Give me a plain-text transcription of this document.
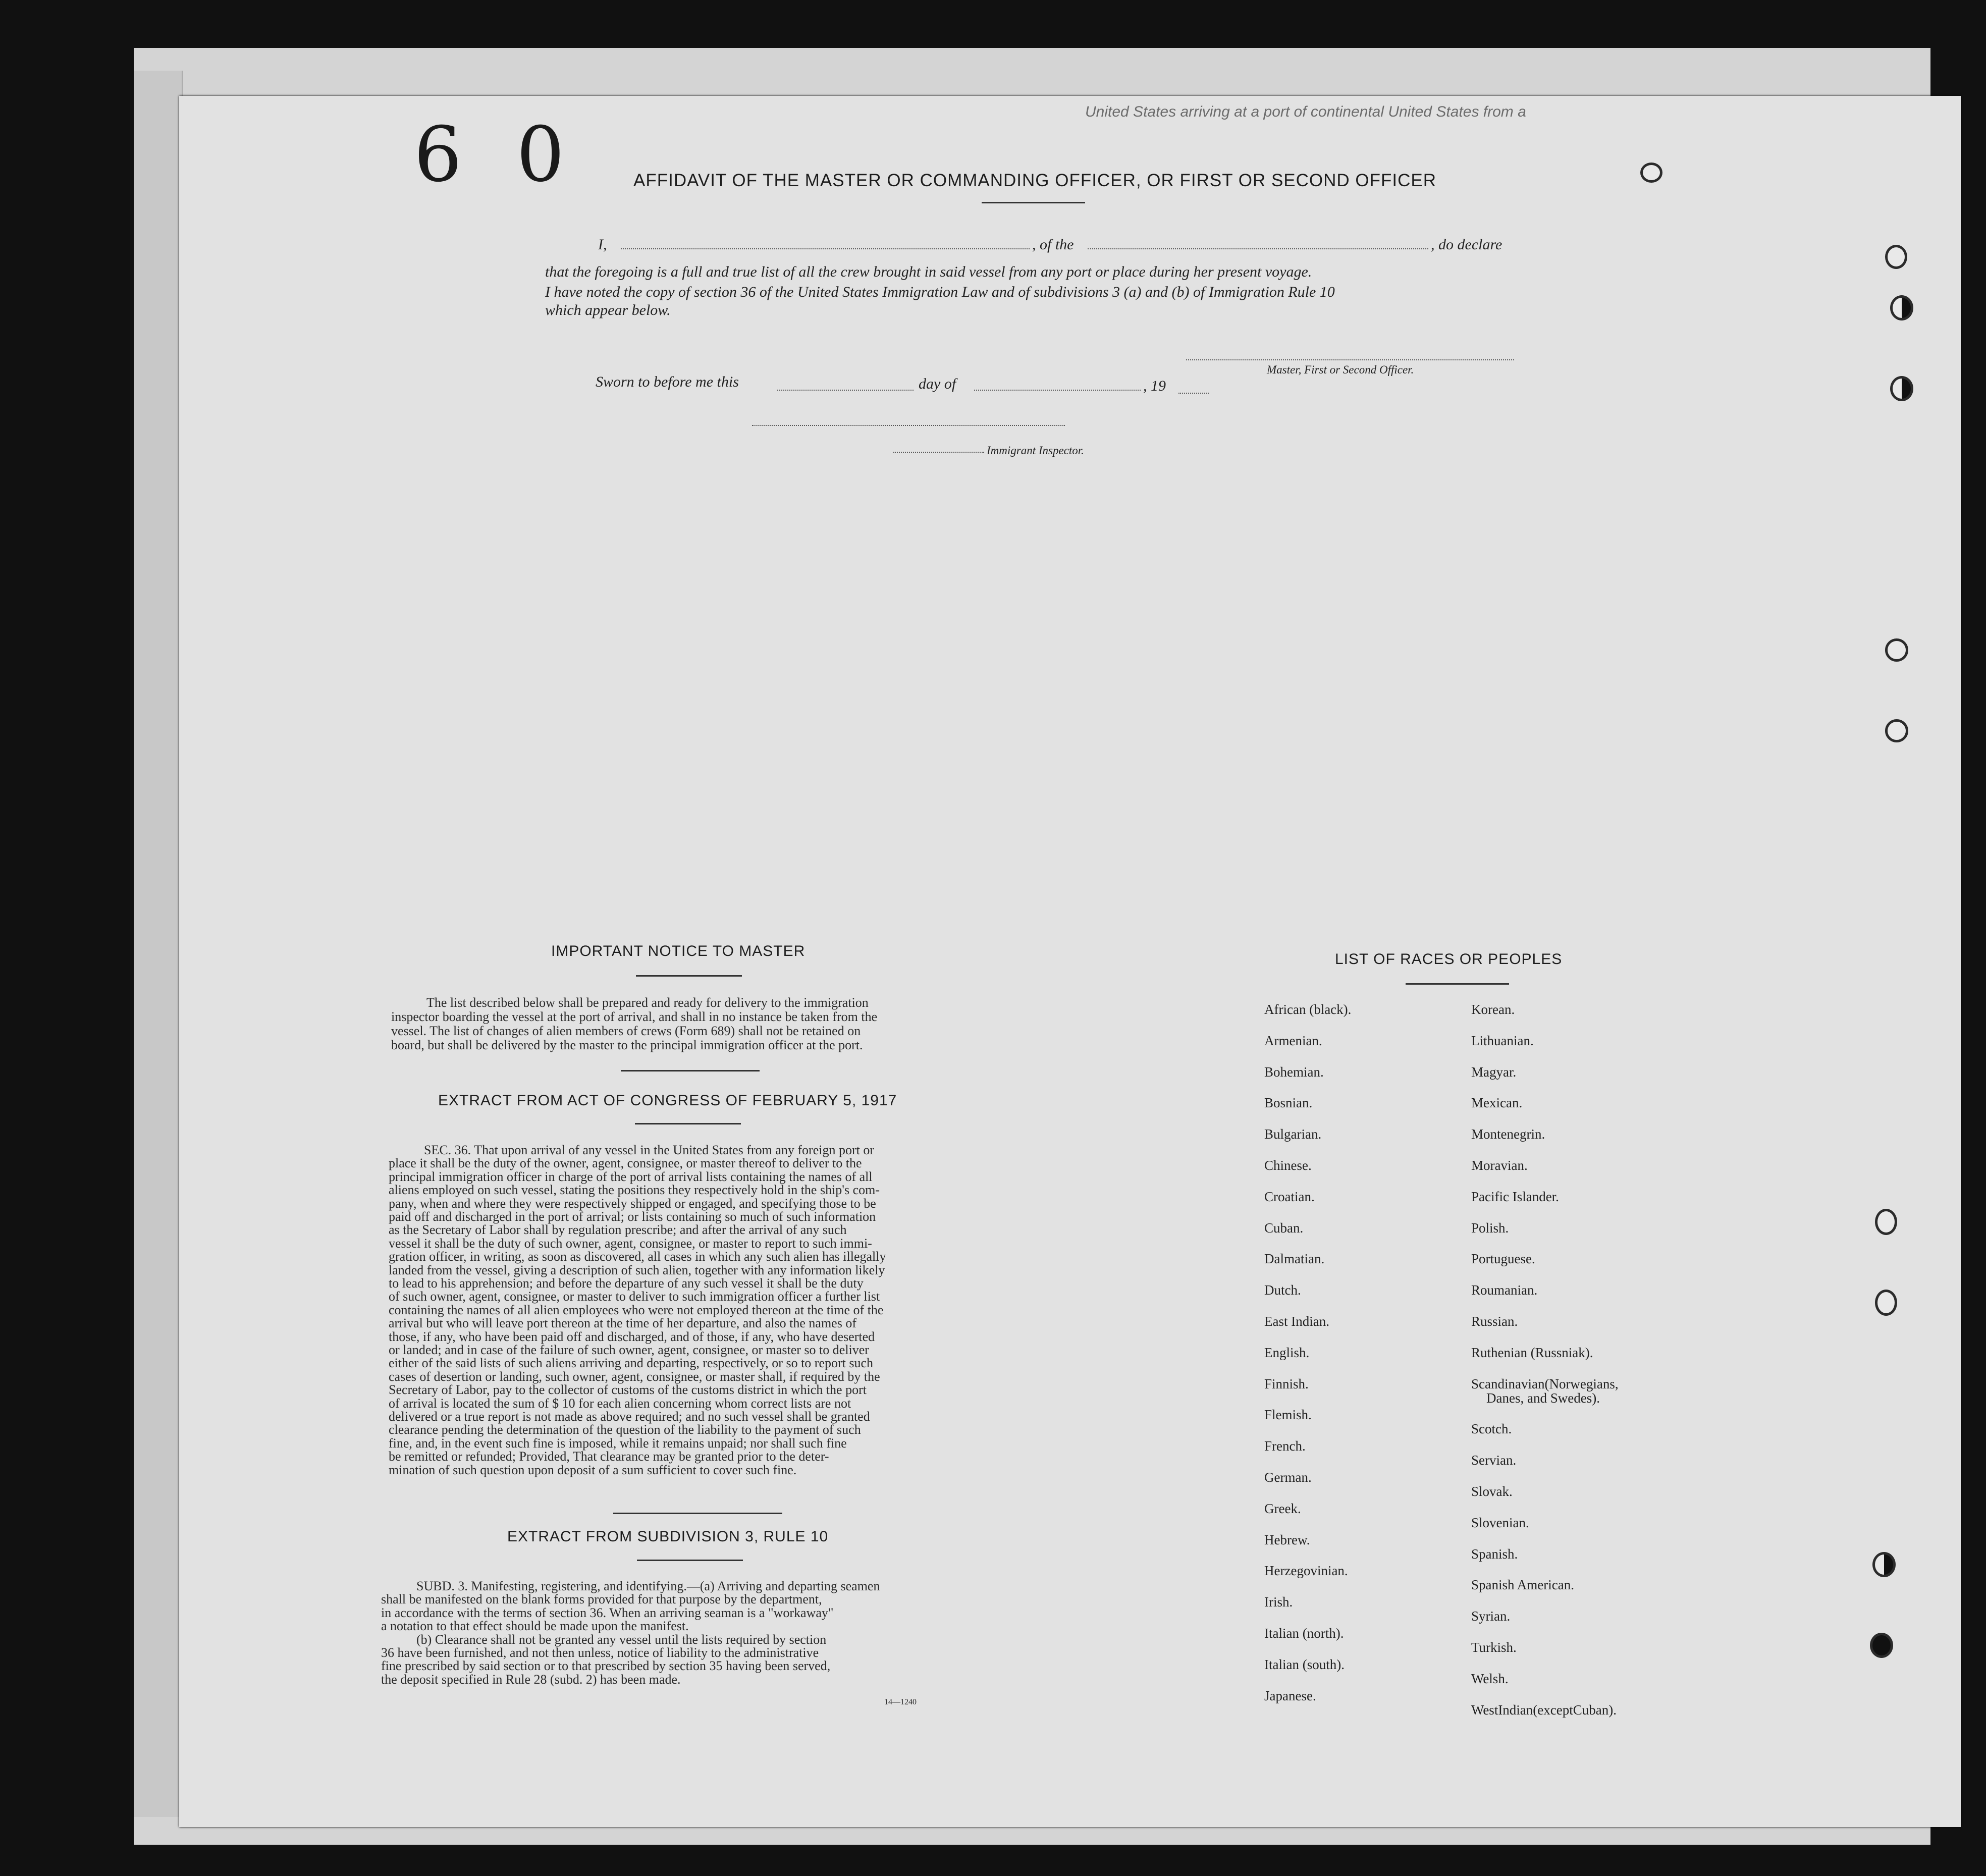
United States arriving at a port of continental United States from a
6 0	AFFIDAVIT OF THE MASTER OR COMMANDING OFFICER, OR FIRST OR SECOND OFFICER
I,	, of the	, do declare
that the foregoing is a full and true list of all the crew brought in said vessel from any port or place during her present voyage.
I have noted the copy of section 36 of the United States Immigration Law and of subdivisions 3 (a) and (b) of Immigration Rule 10
which appear below.
Master, First or Second Officer.
Sworn to before me this	day of	, 19
Immigrant Inspector.
IMPORTANT NOTICE TO MASTER
The list described below shall be prepared and ready for delivery to the immigration
inspector boarding the vessel at the port of arrival, and shall in no instance be taken from the
vessel. The list of changes of alien members of crews (Form 689) shall not be retained on
board, but shall be delivered by the master to the principal immigration officer at the port.
EXTRACT FROM ACT OF CONGRESS OF FEBRUARY 5, 1917
SEC. 36. That upon arrival of any vessel in the United States from any foreign port or
place it shall be the duty of the owner, agent, consignee, or master thereof to deliver to the
principal immigration officer in charge of the port of arrival lists containing the names of all
aliens employed on such vessel, stating the positions they respectively hold in the ship's com-
pany, when and where they were respectively shipped or engaged, and specifying those to be
paid off and discharged in the port of arrival; or lists containing so much of such information
as the Secretary of Labor shall by regulation prescribe; and after the arrival of any such
vessel it shall be the duty of such owner, agent, consignee, or master to report to such immi-
gration officer, in writing, as soon as discovered, all cases in which any such alien has illegally
landed from the vessel, giving a description of such alien, together with any information likely
to lead to his apprehension; and before the departure of any such vessel it shall be the duty
of such owner, agent, consignee, or master to deliver to such immigration officer a further list
containing the names of all alien employees who were not employed thereon at the time of the
arrival but who will leave port thereon at the time of her departure, and also the names of
those, if any, who have been paid off and discharged, and of those, if any, who have deserted
or landed; and in case of the failure of such owner, agent, consignee, or master so to deliver
either of the said lists of such aliens arriving and departing, respectively, or so to report such
cases of desertion or landing, such owner, agent, consignee, or master shall, if required by the
Secretary of Labor, pay to the collector of customs of the customs district in which the port
of arrival is located the sum of $ 10 for each alien concerning whom correct lists are not
delivered or a true report is not made as above required; and no such vessel shall be granted
clearance pending the determination of the question of the liability to the payment of such
fine, and, in the event such fine is imposed, while it remains unpaid; nor shall such fine
be remitted or refunded; Provided, That clearance may be granted prior to the deter-
mination of such question upon deposit of a sum sufficient to cover such fine.
EXTRACT FROM SUBDIVISION 3, RULE 10
SUBD. 3. Manifesting, registering, and identifying.—(a) Arriving and departing seamen
shall be manifested on the blank forms provided for that purpose by the department,
in accordance with the terms of section 36. When an arriving seaman is a "workaway"
a notation to that effect should be made upon the manifest.
(b) Clearance shall not be granted any vessel until the lists required by section
36 have been furnished, and not then unless, notice of liability to the administrative
fine prescribed by said section or to that prescribed by section 35 having been served,
the deposit specified in Rule 28 (subd. 2) has been made.
14—1240
LIST OF RACES OR PEOPLES
African (black).
Armenian.
Bohemian.
Bosnian.
Bulgarian.
Chinese.
Croatian.
Cuban.
Dalmatian.
Dutch.
East Indian.
English.
Finnish.
Flemish.
French.
German.
Greek.
Hebrew.
Herzegovinian.
Irish.
Italian (north).
Italian (south).
Japanese.
Korean.
Lithuanian.
Magyar.
Mexican.
Montenegrin.
Moravian.
Pacific Islander.
Polish.
Portuguese.
Roumanian.
Russian.
Ruthenian (Russniak).
Scandinavian(Norwegians,
Danes, and Swedes).
Scotch.
Servian.
Slovak.
Slovenian.
Spanish.
Spanish American.
Syrian.
Turkish.
Welsh.
WestIndian(exceptCuban).
